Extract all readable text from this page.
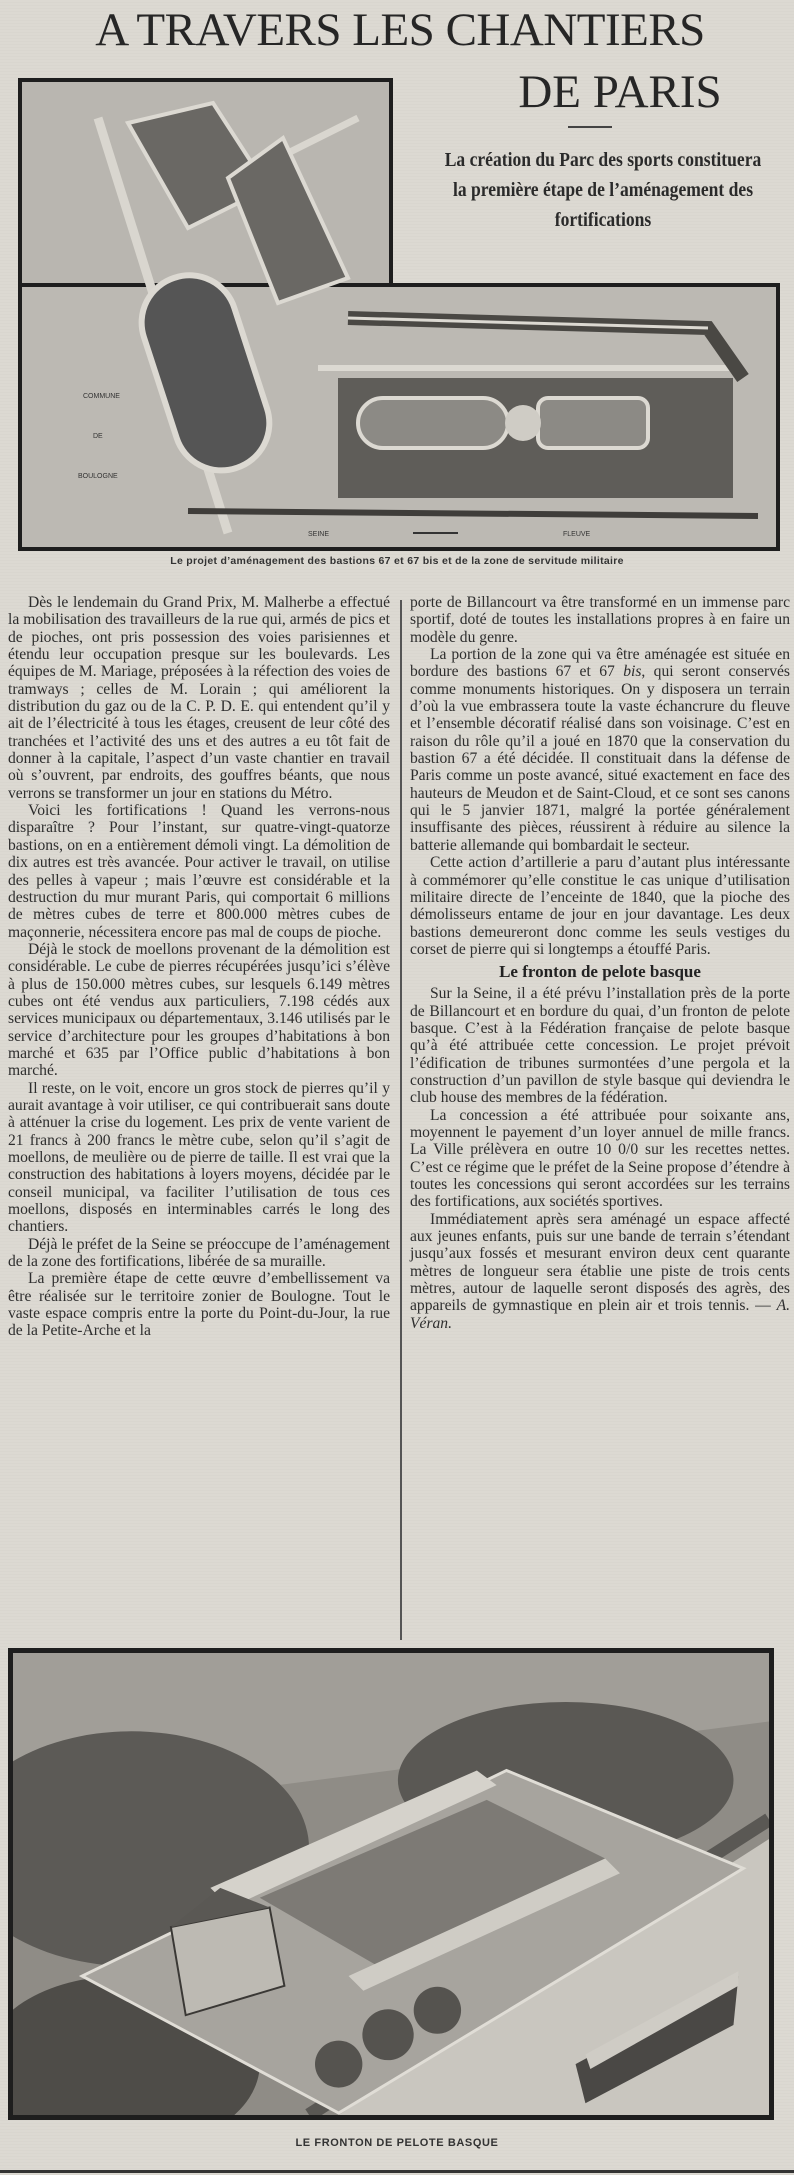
A TRAVERS LES CHANTIERS
DE PARIS
La création du Parc des sports constituera la première étape de l’aménagement des fortifications
COMMUNE
DE
BOULOGNE
SEINE	FLEUVE
Le projet d’aménagement des bastions 67 et 67 bis et de la zone de servitude militaire

Dès le lendemain du Grand Prix, M. Malherbe a effectué la mobilisation des travailleurs de la rue qui, armés de pics et de pioches, ont pris possession des voies parisiennes et étendu leur occupation presque sur les boulevards. Les équipes de M. Mariage, préposées à la réfection des voies de tramways ; celles de M. Lorain ; qui améliorent la distribution du gaz ou de la C. P. D. E. qui entendent qu’il y ait de l’électricité à tous les étages, creusent de leur côté des tranchées et l’activité des uns et des autres a eu tôt fait de donner à la capitale, l’aspect d’un vaste chantier en travail où s’ouvrent, par endroits, des gouffres béants, que nous verrons se transformer un jour en stations du Métro.

Voici les fortifications ! Quand les verrons-nous disparaître ? Pour l’instant, sur quatre-vingt-quatorze bastions, on en a entièrement démoli vingt. La démolition de dix autres est très avancée. Pour activer le travail, on utilise des pelles à vapeur ; mais l’œuvre est considérable et la destruction du mur murant Paris, qui comportait 6 millions de mètres cubes de terre et 800.000 mètres cubes de maçonnerie, nécessitera encore pas mal de coups de pioche.

Déjà le stock de moellons provenant de la démolition est considérable. Le cube de pierres récupérées jusqu’ici s’élève à plus de 150.000 mètres cubes, sur lesquels 6.149 mètres cubes ont été vendus aux particuliers, 7.198 cédés aux services municipaux ou départementaux, 3.146 utilisés par le service d’architecture pour les groupes d’habitations à bon marché et 635 par l’Office public d’habitations à bon marché.

Il reste, on le voit, encore un gros stock de pierres qu’il y aurait avantage à voir utiliser, ce qui contribuerait sans doute à atténuer la crise du logement. Les prix de vente varient de 21 francs à 200 francs le mètre cube, selon qu’il s’agit de moellons, de meulière ou de pierre de taille. Il est vrai que la construction des habitations à loyers moyens, décidée par le conseil municipal, va faciliter l’utilisation de tous ces moellons, disposés en interminables carrés le long des chantiers.

Déjà le préfet de la Seine se préoccupe de l’aménagement de la zone des fortifications, libérée de sa muraille.

La première étape de cette œuvre d’embellissement va être réalisée sur le territoire zonier de Boulogne. Tout le vaste espace compris entre la porte du Point-du-Jour, la rue de la Petite-Arche et la

porte de Billancourt va être transformé en un immense parc sportif, doté de toutes les installations propres à en faire un modèle du genre.

La portion de la zone qui va être aménagée est située en bordure des bastions 67 et 67 bis, qui seront conservés comme monuments historiques. On y disposera un terrain d’où la vue embrassera toute la vaste échancrure du fleuve et l’ensemble décoratif réalisé dans son voisinage. C’est en raison du rôle qu’il a joué en 1870 que la conservation du bastion 67 a été décidée. Il constituait dans la défense de Paris comme un poste avancé, situé exactement en face des hauteurs de Meudon et de Saint-Cloud, et ce sont ses canons qui le 5 janvier 1871, malgré la portée généralement insuffisante des pièces, réussirent à réduire au silence la batterie allemande qui bombardait le secteur.

Cette action d’artillerie a paru d’autant plus intéressante à commémorer qu’elle constitue le cas unique d’utilisation militaire directe de l’enceinte de 1840, que la pioche des démolisseurs entame de jour en jour davantage. Les deux bastions demeureront donc comme les seuls vestiges du corset de pierre qui si longtemps a étouffé Paris.

Le fronton de pelote basque

Sur la Seine, il a été prévu l’installation près de la porte de Billancourt et en bordure du quai, d’un fronton de pelote basque. C’est à la Fédération française de pelote basque qu’à été attribuée cette concession. Le projet prévoit l’édification de tribunes surmontées d’une pergola et la construction d’un pavillon de style basque qui deviendra le club house des membres de la fédération.

La concession a été attribuée pour soixante ans, moyennent le payement d’un loyer annuel de mille francs. La Ville prélèvera en outre 10 0/0 sur les recettes nettes. C’est ce régime que le préfet de la Seine propose d’étendre à toutes les concessions qui seront accordées sur les terrains des fortifications, aux sociétés sportives.

Immédiatement après sera aménagé un espace affecté aux jeunes enfants, puis sur une bande de terrain s’étendant jusqu’aux fossés et mesurant environ deux cent quarante mètres de longueur sera établie une piste de trois cents mètres, autour de laquelle seront disposés des agrès, des appareils de gymnastique en plein air et trois tennis. — A. Véran.

LE FRONTON DE PELOTE BASQUE
